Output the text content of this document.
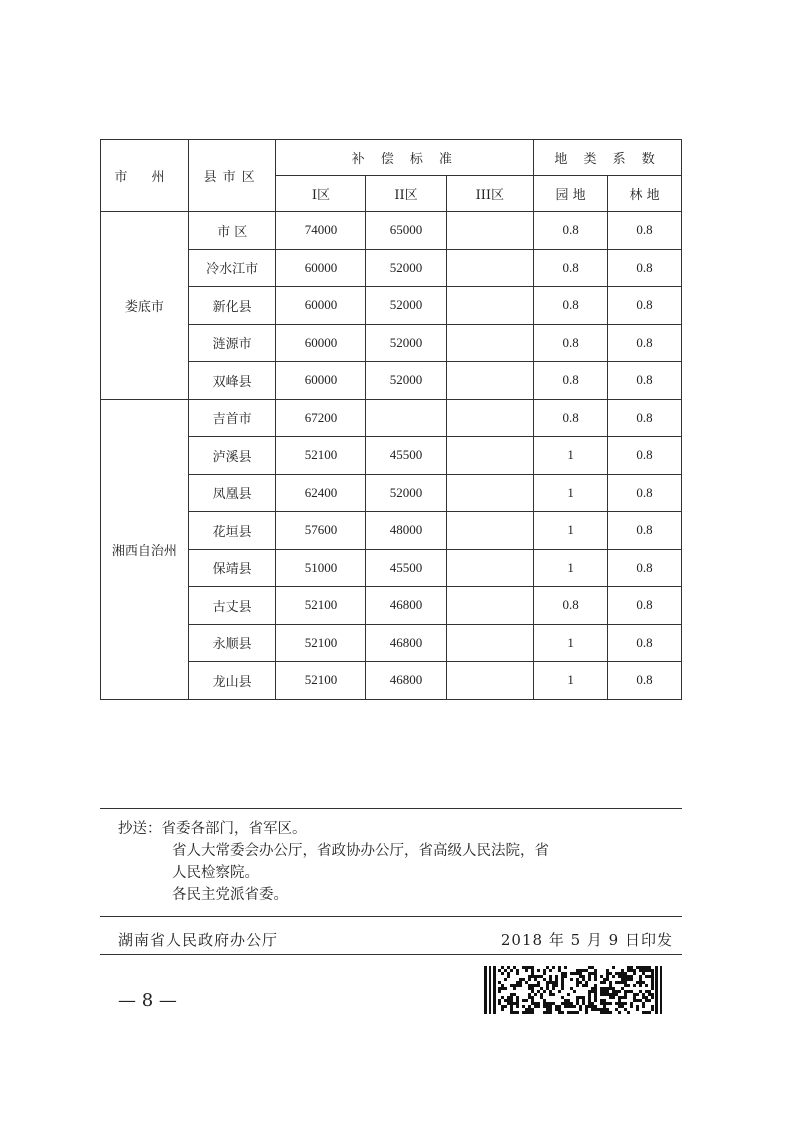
市 州	县市区	补 偿 标 准			地 类 系 数	
		I区	II区	III区	园 地	林 地
娄底市	市 区	74000	65000		0.8	0.8
	冷水江市	60000	52000		0.8	0.8
	新化县	60000	52000		0.8	0.8
	涟源市	60000	52000		0.8	0.8
	双峰县	60000	52000		0.8	0.8
湘西自治州	吉首市	67200			0.8	0.8
	泸溪县	52100	45500		1	0.8
	凤凰县	62400	52000		1	0.8
	花垣县	57600	48000		1	0.8
	保靖县	51000	45500		1	0.8
	古丈县	52100	46800		0.8	0.8
	永顺县	52100	46800		1	0.8
	龙山县	52100	46800		1	0.8
抄送：省委各部门，省军区。
省人大常委会办公厅，省政协办公厅，省高级人民法院，省
人民检察院。
各民主党派省委。
湖南省人民政府办公厅	2018 年 5 月 9 日印发
— 8 —
